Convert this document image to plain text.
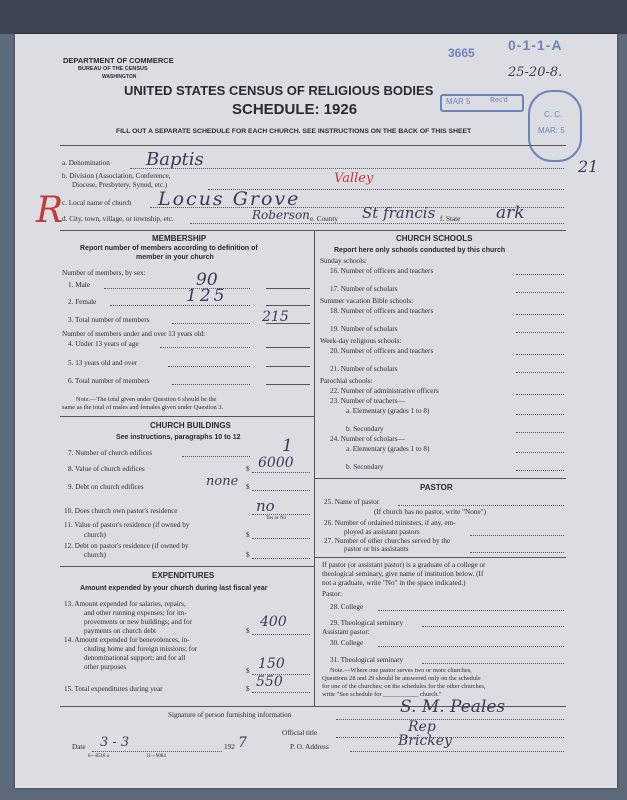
DEPARTMENT OF COMMERCE
BUREAU OF THE CENSUS
WASHINGTON
UNITED STATES CENSUS OF RELIGIOUS BODIES
SCHEDULE: 1926
FILL OUT A SEPARATE SCHEDULE FOR EACH CHURCH. SEE INSTRUCTIONS ON THE BACK OF THIS SHEET
3665 0-1-1-A
25-20-8.
MAR 5	Rec'd
C. C.
MAR. 5
21
R
a. Denomination Baptis
b. Division (Association, Conference,
Diocese, Presbytery, Synod, etc.)	Valley
c. Local name of church Locus Grove
d. City, town, village, or township, etc.	Roberson e. County St francis f. State ark
MEMBERSHIP
Report number of members according to definition of
member in your church
Number of members, by sex:
1. Male	90
2. Female	125
3. Total number of members	215
Number of members under and over 13 years old:
4. Under 13 years of age
5. 13 years old and over
6. Total number of members
Note.—The total given under Question 6 should be the
same as the total of males and females given under Question 3.
CHURCH BUILDINGS
See instructions, paragraphs 10 to 12
7. Number of church edifices	1
8. Value of church edifices	$ 6000
9. Debt on church edifices	$
none
10. Does church own pastor's residence	no
Yes or No
11. Value of pastor's residence (if owned by
church)	$
12. Debt on pastor's residence (if owned by
church)	$
EXPENDITURES
Amount expended by your church during last fiscal year
13. Amount expended for salaries, repairs,
and other running expenses; for im-
provements or new buildings; and for
payments on church debt	$
400
14. Amount expended for benevolences, in-
cluding home and foreign missions; for
denominational support; and for all
other purposes	$ 150
15. Total expenditures during year	$ 550
CHURCH SCHOOLS
Report here only schools conducted by this church
Sunday schools:
16. Number of officers and teachers
17. Number of scholars
Summer vacation Bible schools:
18. Number of officers and teachers
19. Number of scholars
Week-day religious schools:
20. Number of officers and teachers
21. Number of scholars
Parochial schools:
22. Number of administrative officers
23. Number of teachers—
a. Elementary (grades 1 to 8)
b. Secondary
24. Number of scholars—
a. Elementary (grades 1 to 8)
b. Secondary
PASTOR
25. Name of pastor
(If church has no pastor, write "None")
26. Number of ordained ministers, if any, em-
ployed as assistant pastors
27. Number of other churches served by the
pastor or his assistants
If pastor (or assistant pastor) is a graduate of a college or
theological seminary, give name of institution below. (If
not a graduate, write "No" in the space indicated.)
Pastor:
28. College
29. Theological seminary
Assistant pastor:
30. College
31. Theological seminary
Note.—Where one pastor serves two or more churches,
Questions 28 and 29 should be answered only on the schedule
for one of the churches; on the schedules for the other churches,
write "See schedule for ___________ church."
Signature of person furnishing information	S. M. Peales
Official title	Rep
Date 3 - 3	192 7	P. O. Address	Brickey
6—8518 a	11—9084
